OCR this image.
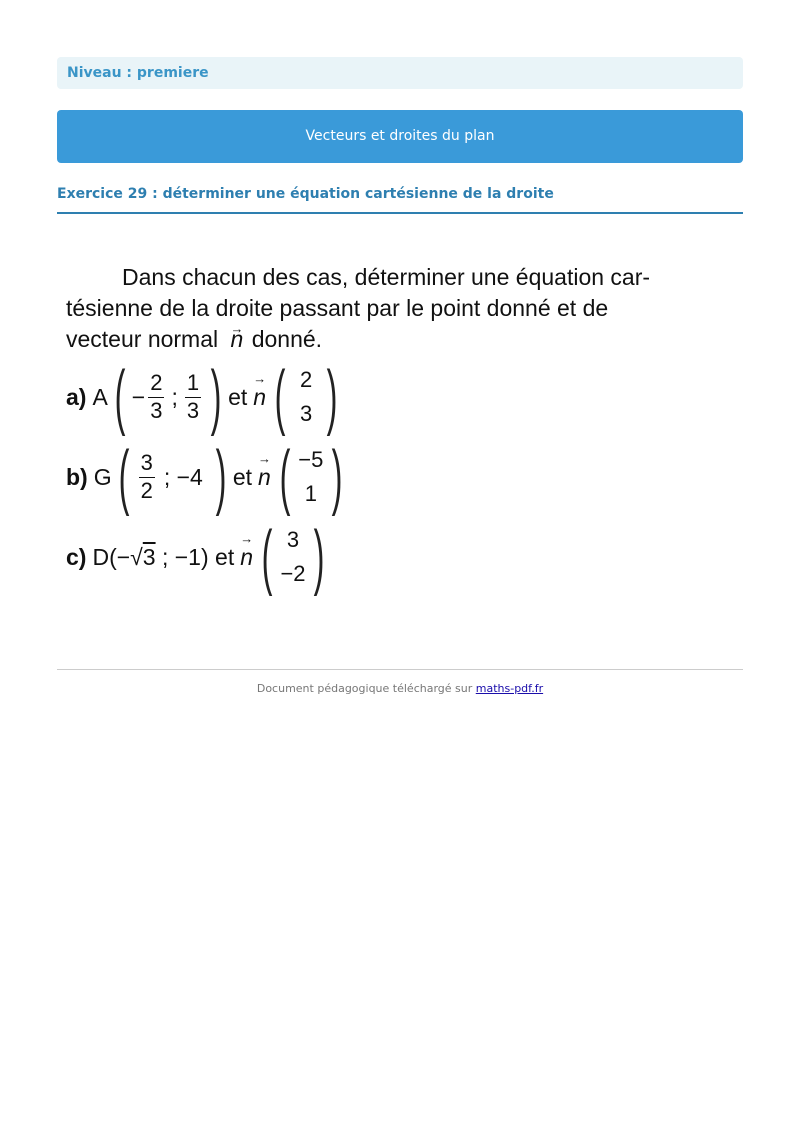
Niveau : premiere
Vecteurs et droites du plan
Exercice 29 : déterminer une équation cartésienne de la droite

Dans chacun des cas, déterminer une équation car-
tésienne de la droite passant par le point donné et de
vecteur normal → n donné.

a) A ( − $\frac{2}{3}$ ; $\frac{1}{3}$ ) et → n ( 2
3 )
b) G ( $\frac{3}{2}$ ; −4 ) et → n ( −5
1 )
c) D(− √ 3 ; −1) et → n ( 3
−2 )
Document pédagogique téléchargé sur maths-pdf.fr
